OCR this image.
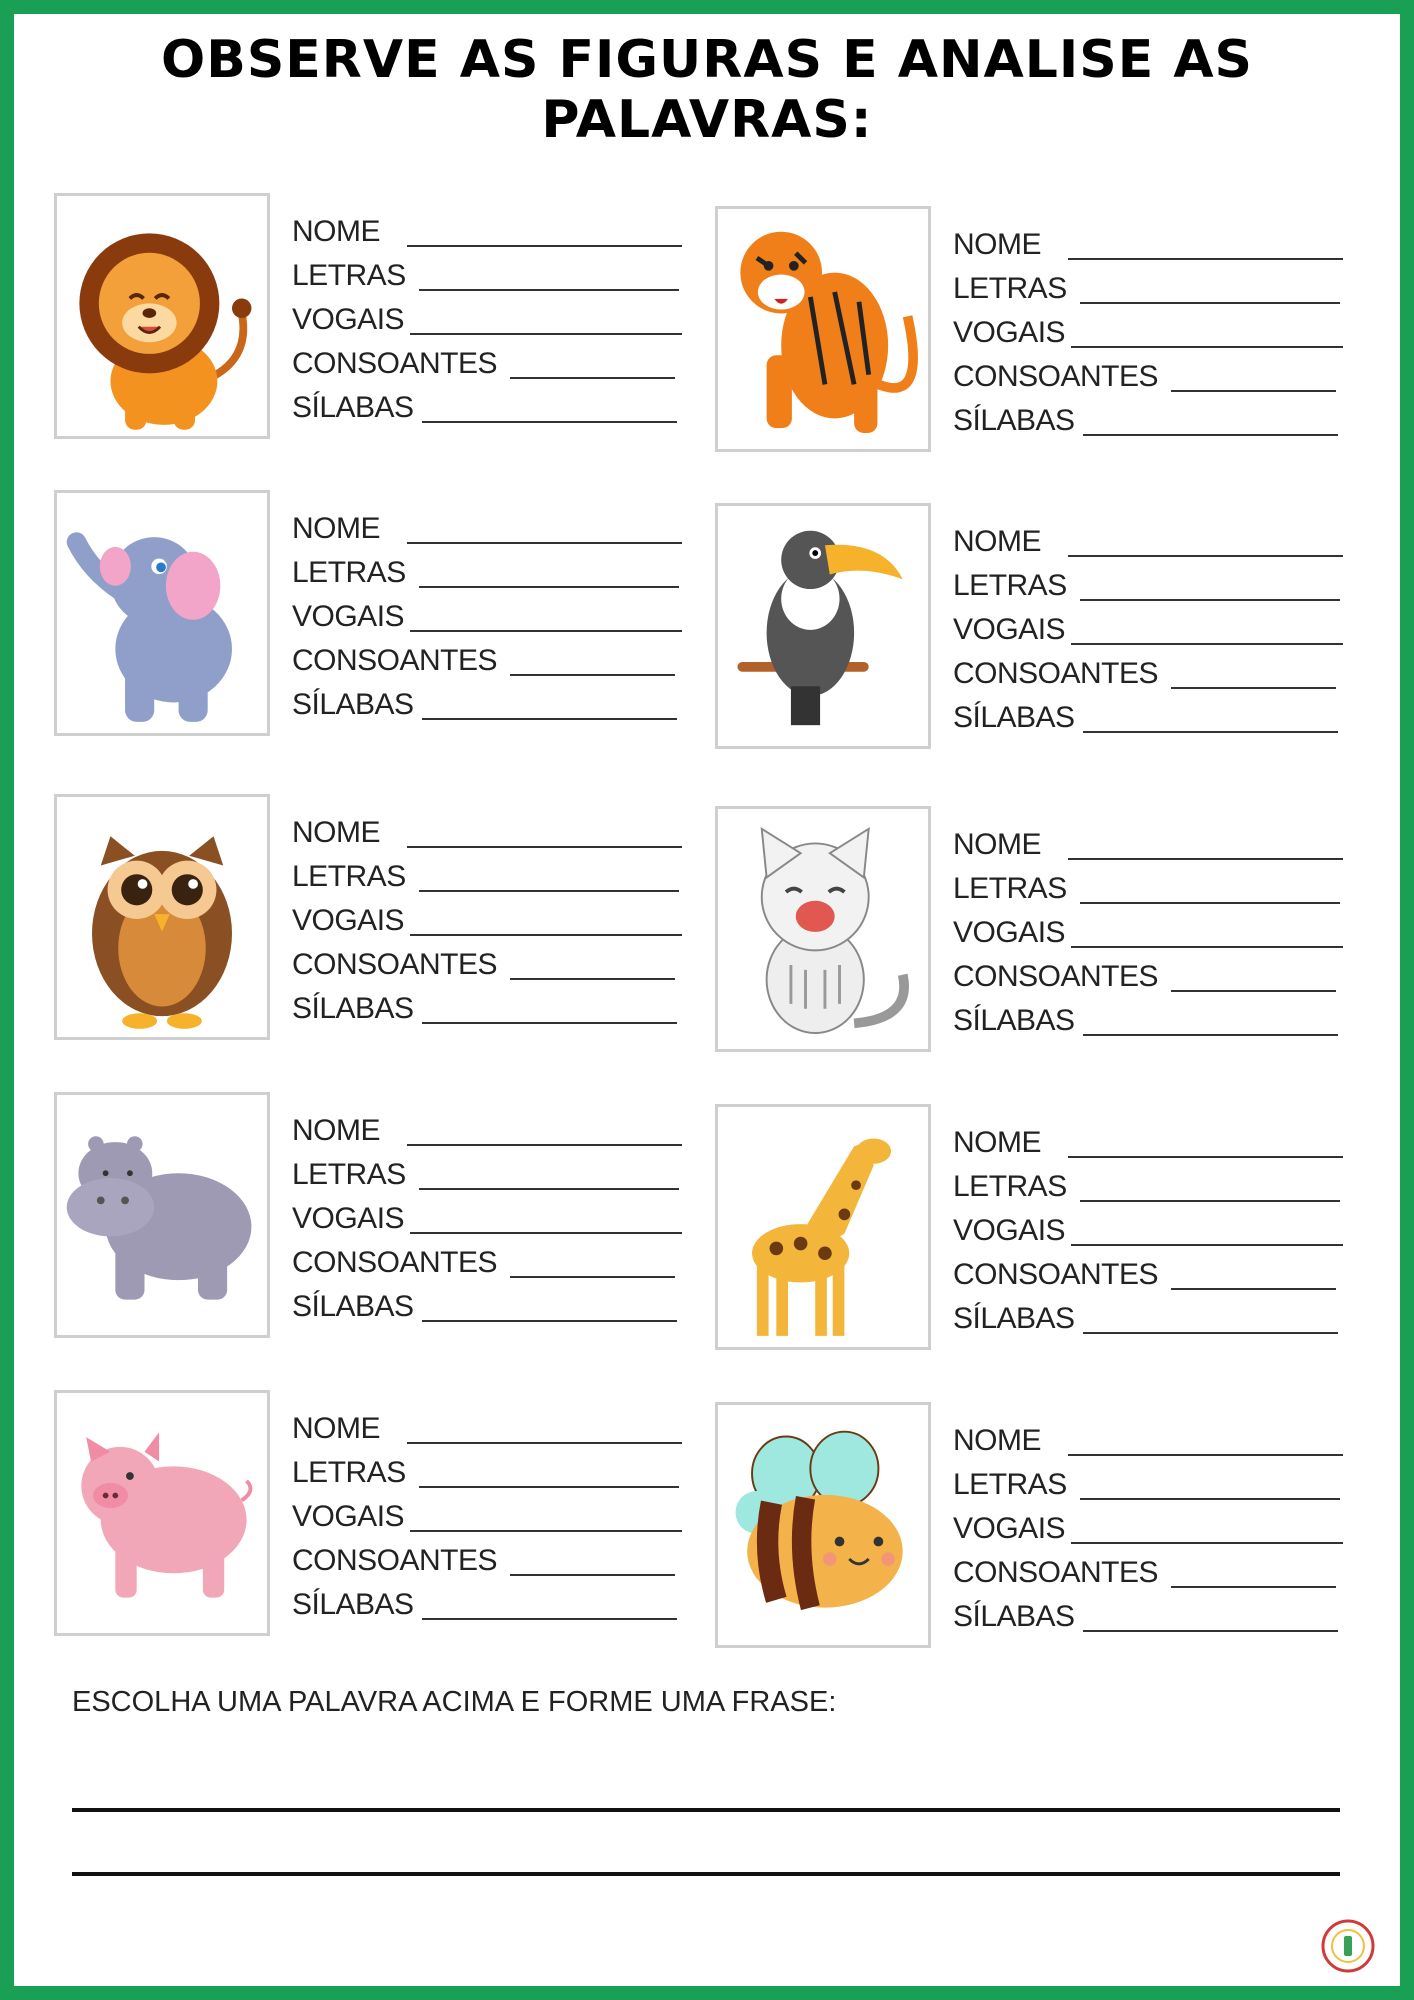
OBSERVE AS FIGURAS E ANALISE AS PALAVRAS:
NOME
LETRAS
VOGAIS
CONSOANTES
SÍLABAS
NOME
LETRAS
VOGAIS
CONSOANTES
SÍLABAS
NOME
LETRAS
VOGAIS
CONSOANTES
SÍLABAS
NOME
LETRAS
VOGAIS
CONSOANTES
SÍLABAS
NOME
LETRAS
VOGAIS
CONSOANTES
SÍLABAS
NOME
LETRAS
VOGAIS
CONSOANTES
SÍLABAS
NOME
LETRAS
VOGAIS
CONSOANTES
SÍLABAS
NOME
LETRAS
VOGAIS
CONSOANTES
SÍLABAS
NOME
LETRAS
VOGAIS
CONSOANTES
SÍLABAS
NOME
LETRAS
VOGAIS
CONSOANTES
SÍLABAS
ESCOLHA UMA PALAVRA ACIMA E FORME UMA FRASE:
